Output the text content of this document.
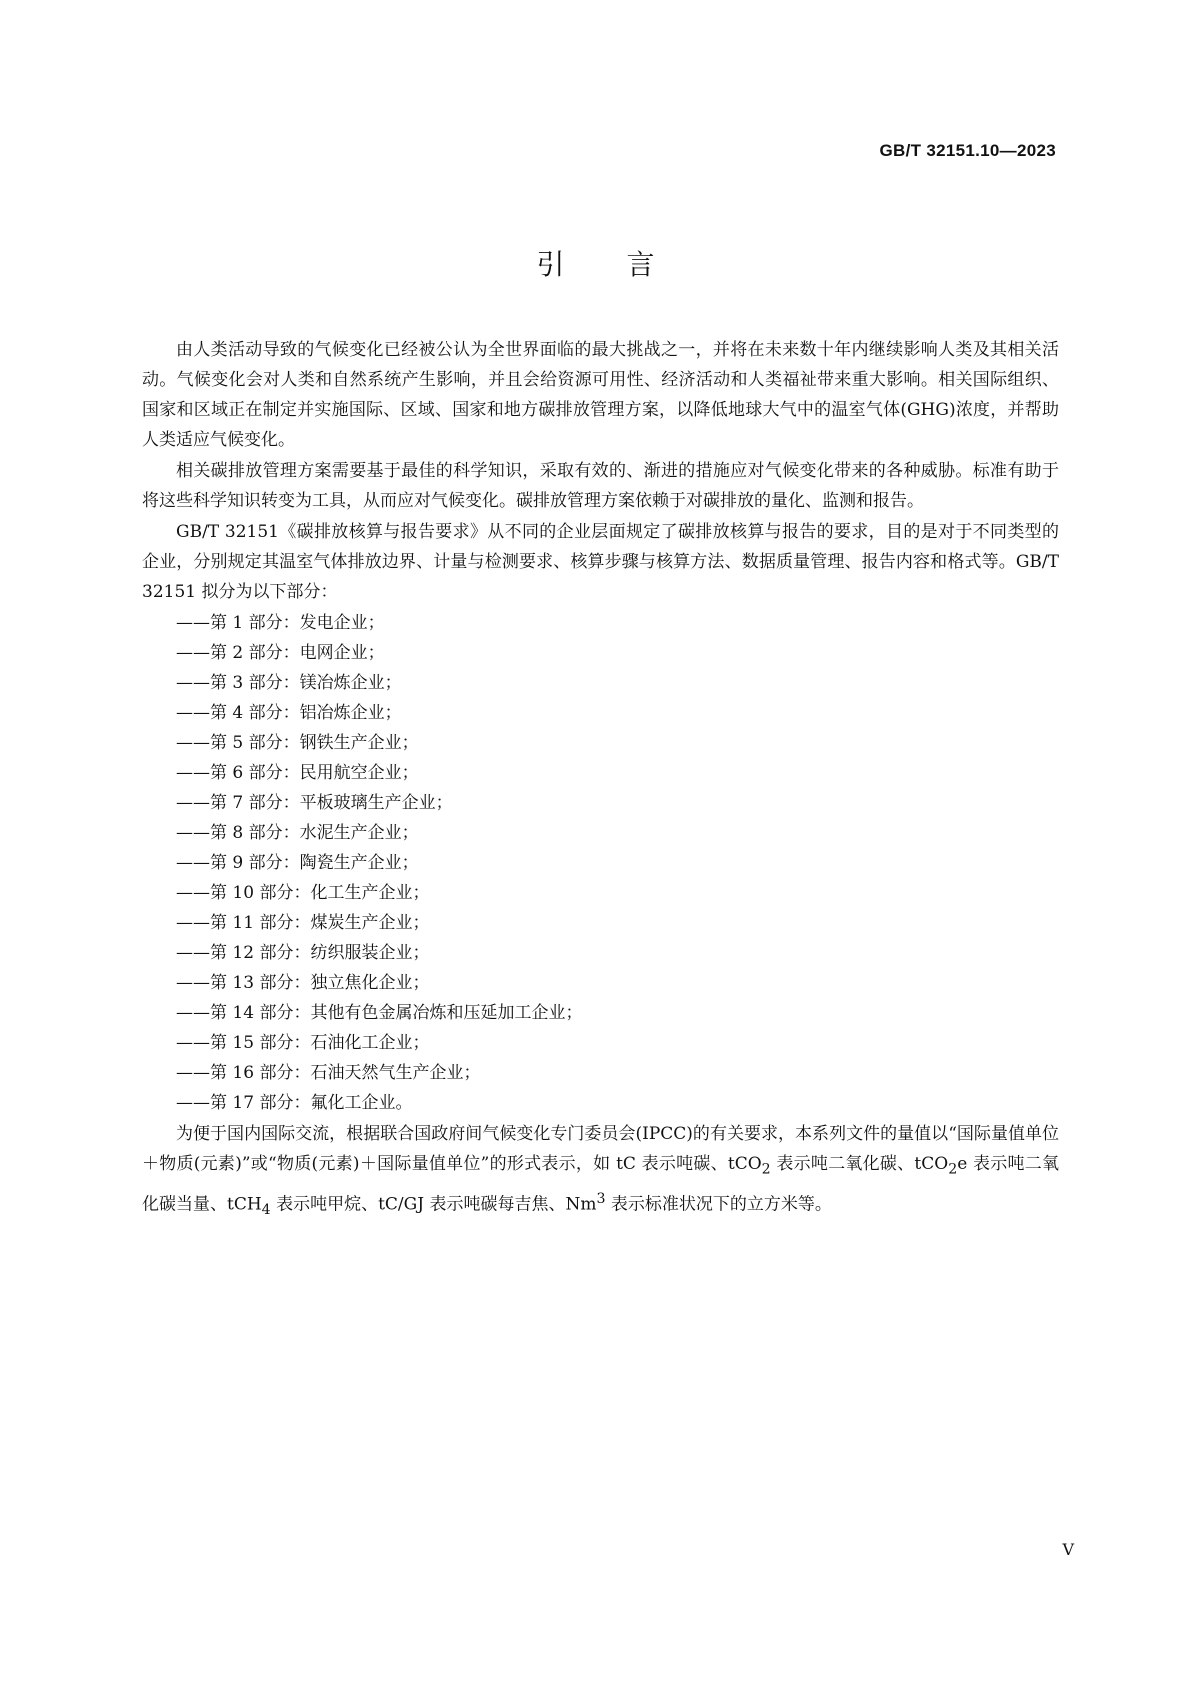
GB/T 32151.10—2023
引言

由人类活动导致的气候变化已经被公认为全世界面临的最大挑战之一，并将在未来数十年内继续影响人类及其相关活动。气候变化会对人类和自然系统产生影响，并且会给资源可用性、经济活动和人类福祉带来重大影响。相关国际组织、国家和区域正在制定并实施国际、区域、国家和地方碳排放管理方案，以降低地球大气中的温室气体(GHG)浓度，并帮助人类适应气候变化。

相关碳排放管理方案需要基于最佳的科学知识，采取有效的、渐进的措施应对气候变化带来的各种威胁。标准有助于将这些科学知识转变为工具，从而应对气候变化。碳排放管理方案依赖于对碳排放的量化、监测和报告。

GB/T 32151《碳排放核算与报告要求》从不同的企业层面规定了碳排放核算与报告的要求，目的是对于不同类型的企业，分别规定其温室气体排放边界、计量与检测要求、核算步骤与核算方法、数据质量管理、报告内容和格式等。GB/T 32151 拟分为以下部分：

——第 1 部分：发电企业；
——第 2 部分：电网企业；
——第 3 部分：镁冶炼企业；
——第 4 部分：铝冶炼企业；
——第 5 部分：钢铁生产企业；
——第 6 部分：民用航空企业；
——第 7 部分：平板玻璃生产企业；
——第 8 部分：水泥生产企业；
——第 9 部分：陶瓷生产企业；
——第 10 部分：化工生产企业；
——第 11 部分：煤炭生产企业；
——第 12 部分：纺织服装企业；
——第 13 部分：独立焦化企业；
——第 14 部分：其他有色金属冶炼和压延加工企业；
——第 15 部分：石油化工企业；
——第 16 部分：石油天然气生产企业；
——第 17 部分：氟化工企业。

为便于国内国际交流，根据联合国政府间气候变化专门委员会(IPCC)的有关要求，本系列文件的量值以“国际量值单位＋物质(元素)”或“物质(元素)＋国际量值单位”的形式表示，如 tC 表示吨碳、tCO$_2$ 表示吨二氧化碳、tCO$_2$e 表示吨二氧化碳当量、tCH$_4$ 表示吨甲烷、tC/GJ 表示吨碳每吉焦、Nm$^3$ 表示标准状况下的立方米等。

V
